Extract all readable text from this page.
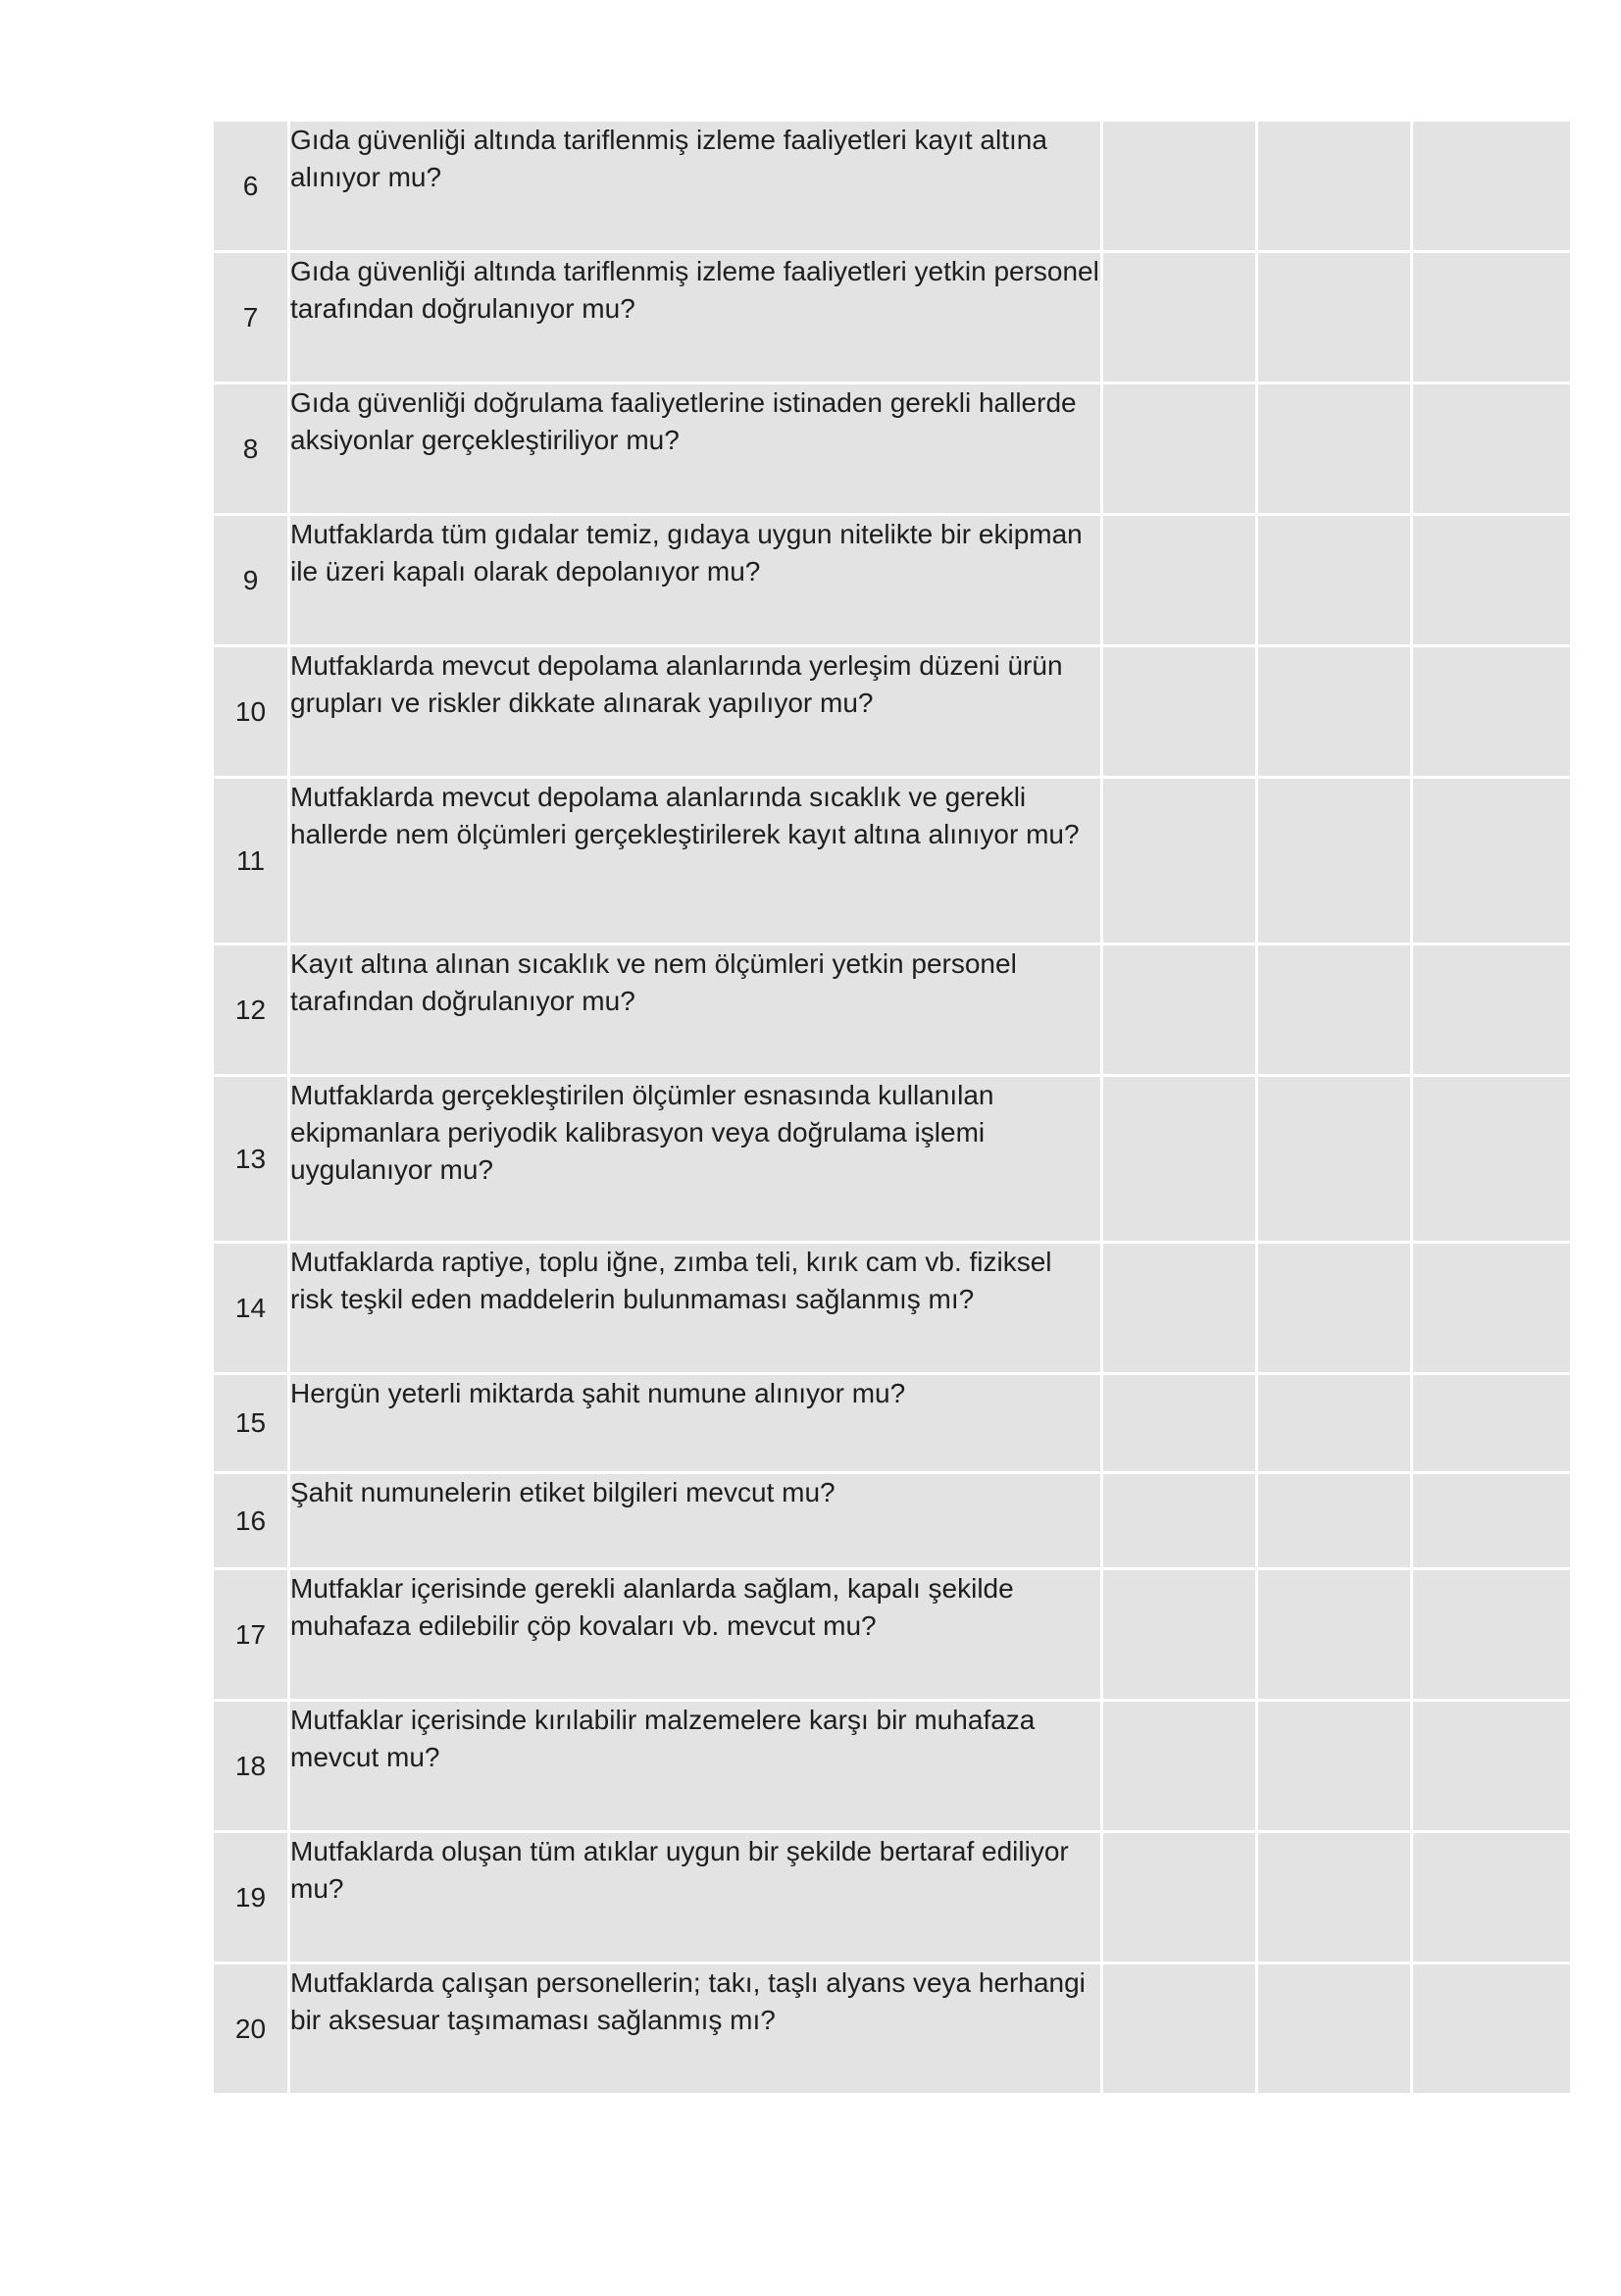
6	Gıda güvenliği altında tariflenmiş izleme faaliyetleri kayıt altına alınıyor mu?			
7	Gıda güvenliği altında tariflenmiş izleme faaliyetleri yetkin personel tarafından doğrulanıyor mu?			
8	Gıda güvenliği doğrulama faaliyetlerine istinaden gerekli hallerde aksiyonlar gerçekleştiriliyor mu?			
9	Mutfaklarda tüm gıdalar temiz, gıdaya uygun nitelikte bir ekipman ile üzeri kapalı olarak depolanıyor mu?			
10	Mutfaklarda mevcut depolama alanlarında yerleşim düzeni ürün grupları ve riskler dikkate alınarak yapılıyor mu?			
11	Mutfaklarda mevcut depolama alanlarında sıcaklık ve gerekli hallerde nem ölçümleri gerçekleştirilerek kayıt altına alınıyor mu?			
12	Kayıt altına alınan sıcaklık ve nem ölçümleri yetkin personel tarafından doğrulanıyor mu?			
13	Mutfaklarda gerçekleştirilen ölçümler esnasında kullanılan ekipmanlara periyodik kalibrasyon veya doğrulama işlemi uygulanıyor mu?			
14	Mutfaklarda raptiye, toplu iğne, zımba teli, kırık cam vb. fiziksel risk teşkil eden maddelerin bulunmaması sağlanmış mı?			
15	Hergün yeterli miktarda şahit numune alınıyor mu?			
16	Şahit numunelerin etiket bilgileri mevcut mu?			
17	Mutfaklar içerisinde gerekli alanlarda sağlam, kapalı şekilde muhafaza edilebilir çöp kovaları vb. mevcut mu?			
18	Mutfaklar içerisinde kırılabilir malzemelere karşı bir muhafaza mevcut mu?			
19	Mutfaklarda oluşan tüm atıklar uygun bir şekilde bertaraf ediliyor mu?			
20	Mutfaklarda çalışan personellerin; takı, taşlı alyans veya herhangi bir aksesuar taşımaması sağlanmış mı?			
